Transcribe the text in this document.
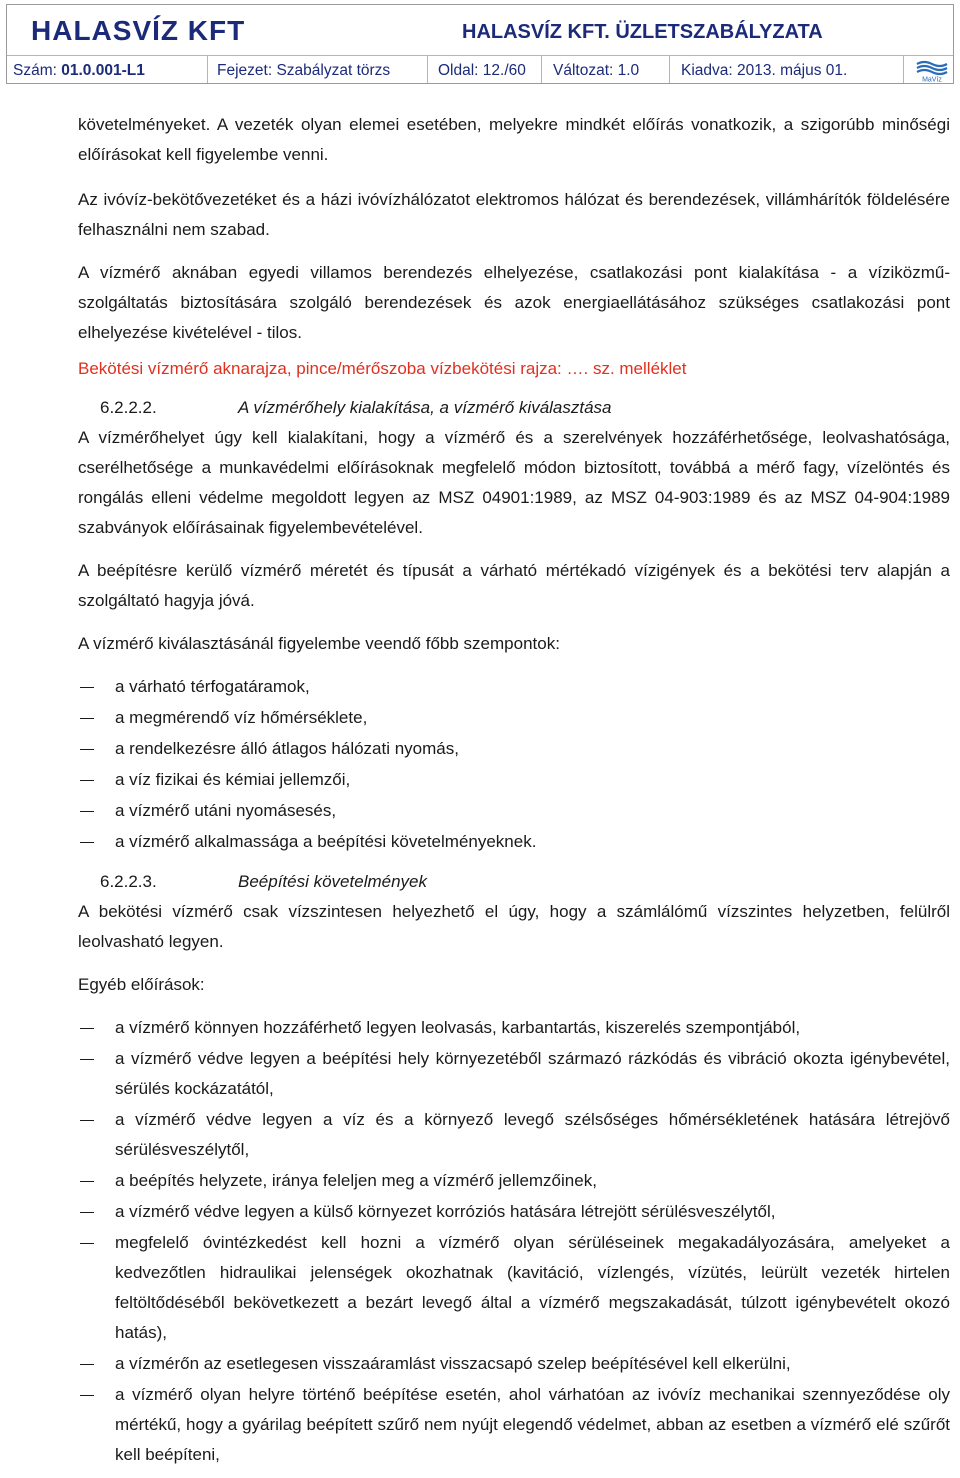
HALASVÍZ KFT	HALASVÍZ KFT. ÜZLETSZABÁLYZATA
Szám: 01.0.001-L1	Fejezet: Szabályzat törzs	Oldal: 12./60 Változat: 1.0	Kiadva: 2013. május 01.
MaVíz

követelményeket. A vezeték olyan elemei esetében, melyekre mindkét előírás vonatkozik, a szigorúbb minőségi előírásokat kell figyelembe venni.

Az ivóvíz-bekötővezetéket és a házi ivóvízhálózatot elektromos hálózat és berendezések, villámhárítók földelésére felhasználni nem szabad.

A vízmérő aknában egyedi villamos berendezés elhelyezése, csatlakozási pont kialakítása - a víziközmű-szolgáltatás biztosítására szolgáló berendezések és azok energiaellátásához szükséges csatlakozási pont elhelyezése kivételével - tilos.

Bekötési vízmérő aknarajza, pince/mérőszoba vízbekötési rajza: …. sz. melléklet

6.2.2.2.	A vízmérőhely kialakítása, a vízmérő kiválasztása

A vízmérőhelyet úgy kell kialakítani, hogy a vízmérő és a szerelvények hozzáférhetősége, leolvashatósága, cserélhetősége a munkavédelmi előírásoknak megfelelő módon biztosított, továbbá a mérő fagy, vízelöntés és rongálás elleni védelme megoldott legyen az MSZ 04901:1989, az MSZ 04-903:1989 és az MSZ 04-904:1989 szabványok előírásainak figyelembevételével.

A beépítésre kerülő vízmérő méretét és típusát a várható mértékadó vízigények és a bekötési terv alapján a szolgáltató hagyja jóvá.

A vízmérő kiválasztásánál figyelembe veendő főbb szempontok:

a várható térfogatáramok,
a megmérendő víz hőmérséklete,
a rendelkezésre álló átlagos hálózati nyomás,
a víz fizikai és kémiai jellemzői,
a vízmérő utáni nyomásesés,
a vízmérő alkalmassága a beépítési követelményeknek.
6.2.2.3.	Beépítési követelmények

A bekötési vízmérő csak vízszintesen helyezhető el úgy, hogy a számlálómű vízszintes helyzetben, felülről leolvasható legyen.

Egyéb előírások:

a vízmérő könnyen hozzáférhető legyen leolvasás, karbantartás, kiszerelés szempontjából,
a vízmérő védve legyen a beépítési hely környezetéből származó rázkódás és vibráció okozta igénybevétel, sérülés kockázatától,
a vízmérő védve legyen a víz és a környező levegő szélsőséges hőmérsékletének hatására létrejövő sérülésveszélytől,
a beépítés helyzete, iránya feleljen meg a vízmérő jellemzőinek,
a vízmérő védve legyen a külső környezet korróziós hatására létrejött sérülésveszélytől,
megfelelő óvintézkedést kell hozni a vízmérő olyan sérüléseinek megakadályozására, amelyeket a kedvezőtlen hidraulikai jelenségek okozhatnak (kavitáció, vízlengés, vízütés, leürült vezeték hirtelen feltöltődéséből bekövetkezett a bezárt levegő által a vízmérő megszakadását, túlzott igénybevételt okozó hatás),
a vízmérőn az esetlegesen visszaáramlást visszacsapó szelep beépítésével kell elkerülni,
a vízmérő olyan helyre történő beépítése esetén, ahol várhatóan az ivóvíz mechanikai szennyeződése oly mértékű, hogy a gyárilag beépített szűrő nem nyújt elegendő védelmet, abban az esetben a vízmérő elé szűrőt kell beépíteni,
